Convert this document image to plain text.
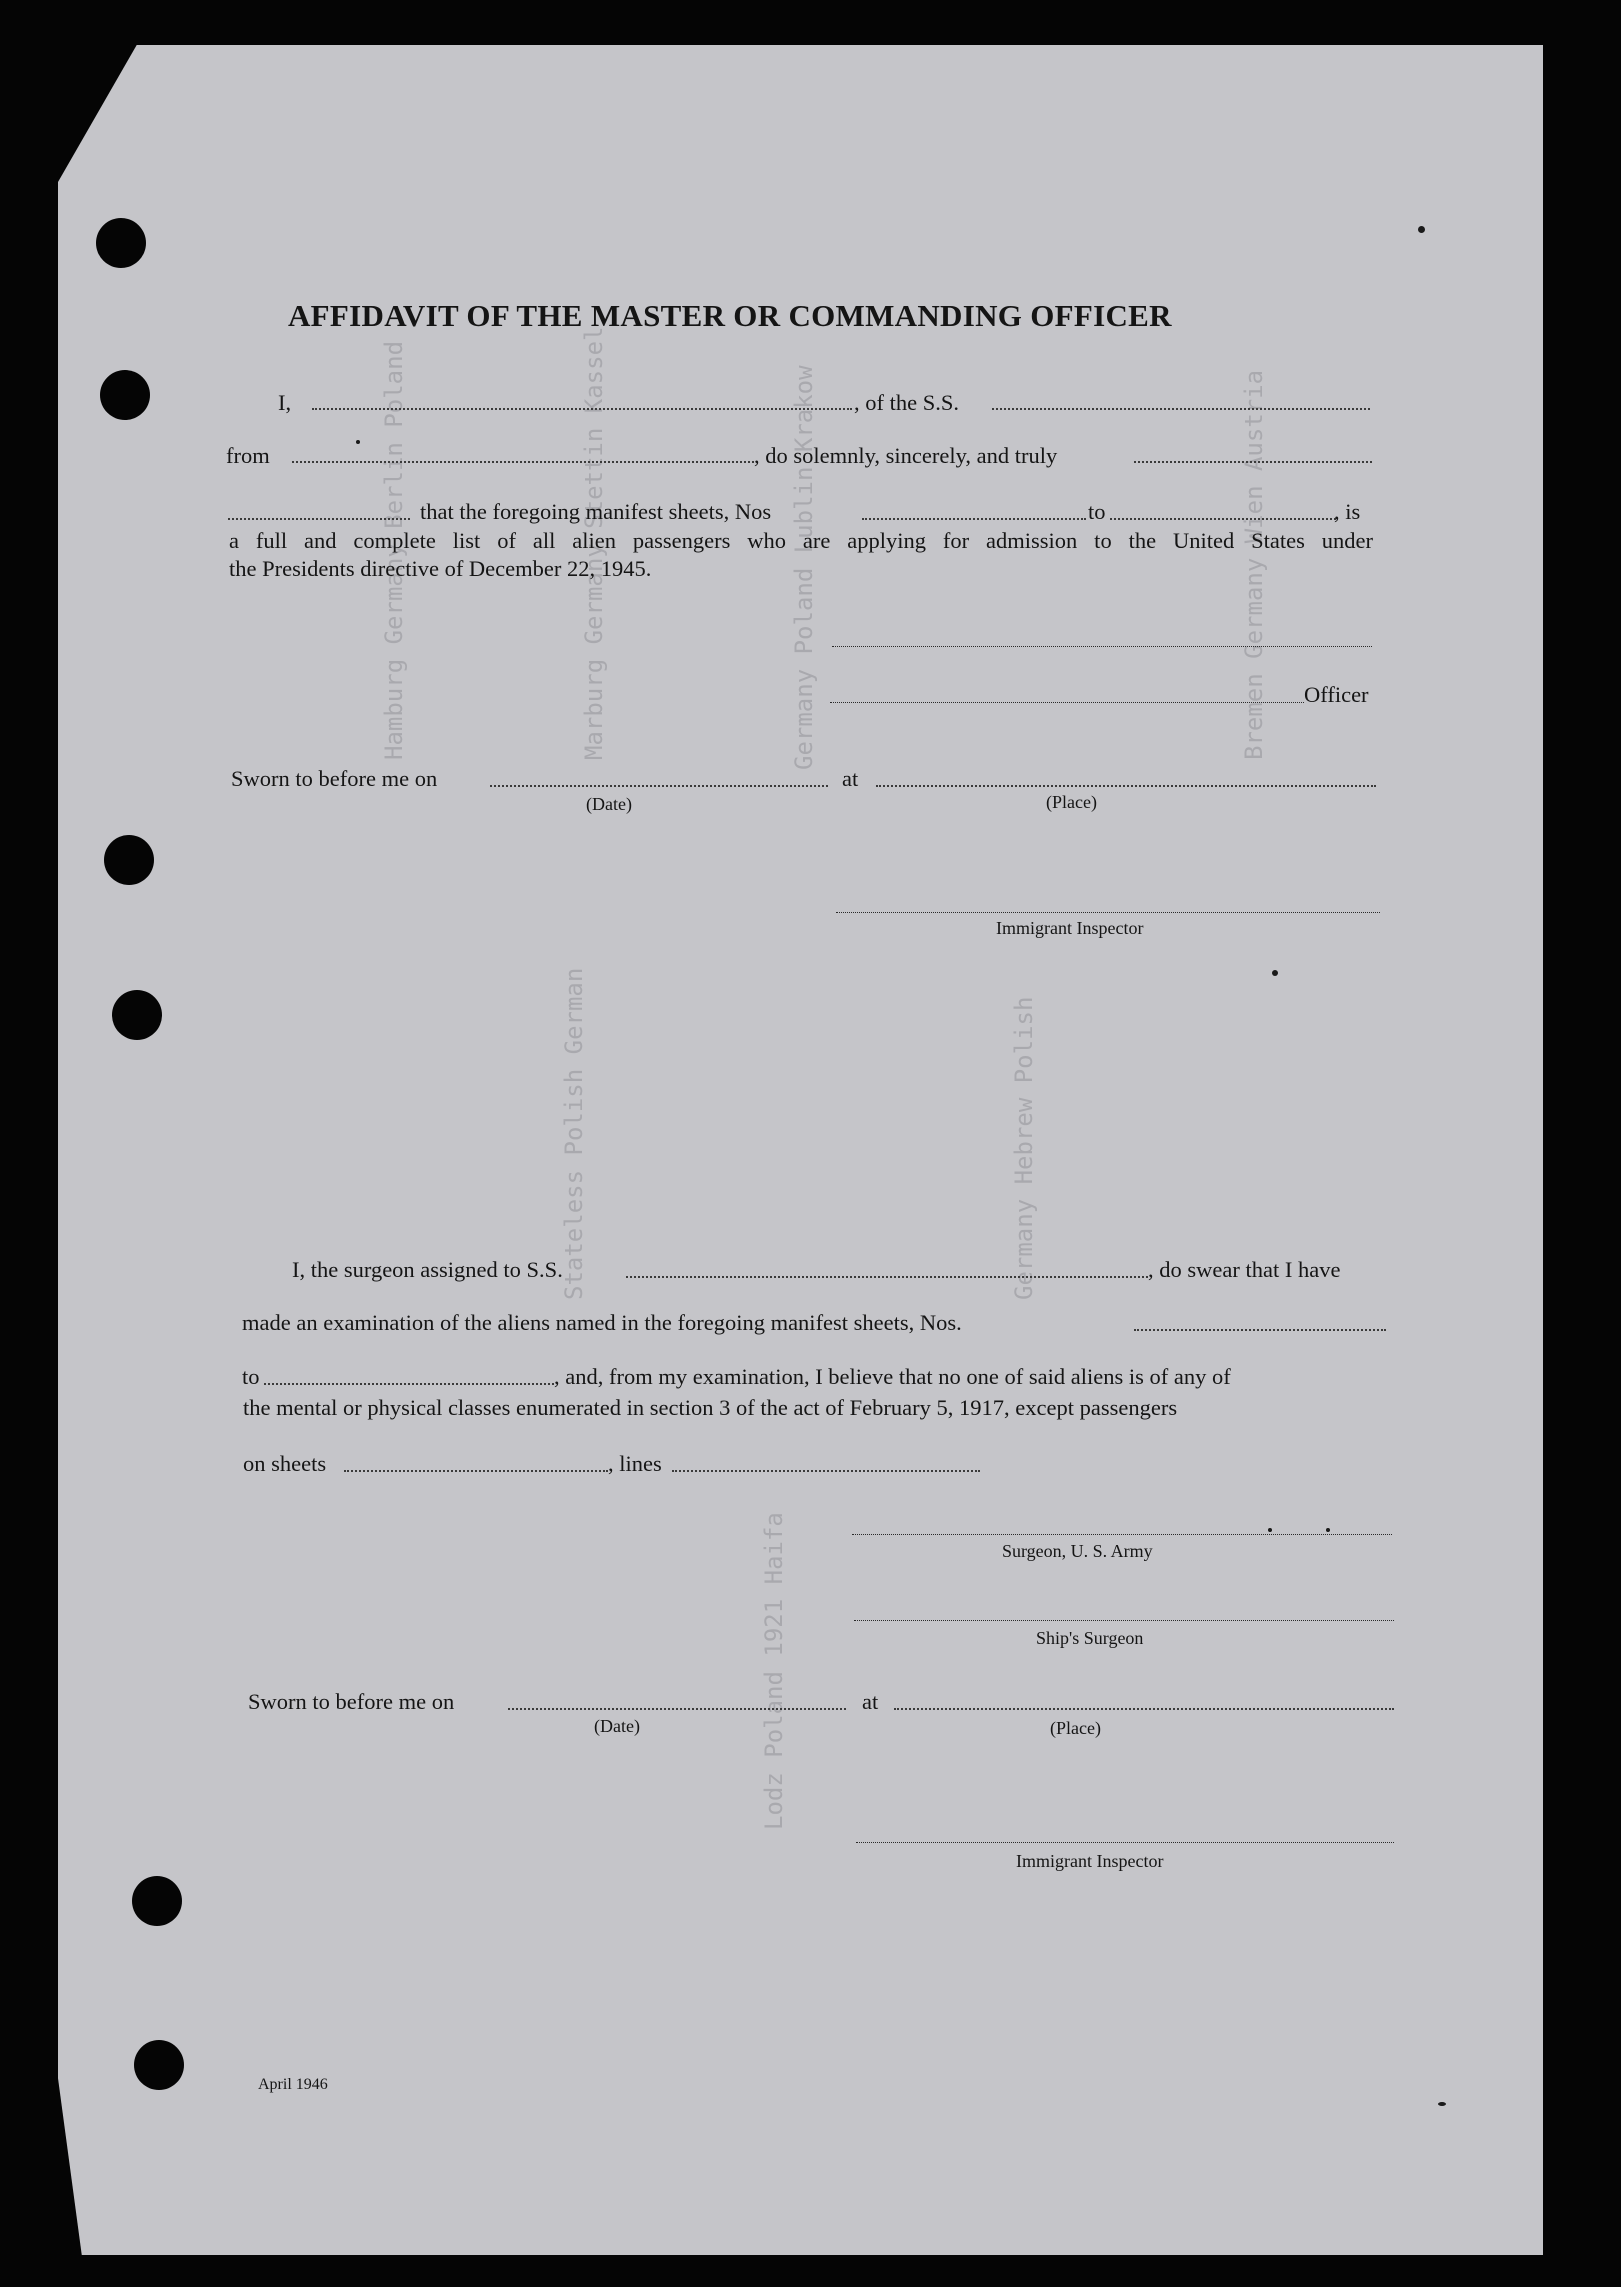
Hamburg Germany Berlin Poland	Marburg Germany Stettin Kassel	Germany Poland Lublin Krakow	Bremen Germany Wien Austria
Stateless Polish German	Germany Hebrew Polish
Lodz Poland 1921 Haifa
AFFIDAVIT OF THE MASTER OR COMMANDING OFFICER
I,	, of the S.S.
from	, do solemnly, sincerely, and truly
that the foregoing manifest sheets, Nos	to	, is
a full and complete list of all alien passengers who are applying for admission to the United States under
the Presidents directive of December 22, 1945.
Officer
Sworn to before me on	at
(Date)	(Place)
Immigrant Inspector
I, the surgeon assigned to S.S.	, do swear that I have
made an examination of the aliens named in the foregoing manifest sheets, Nos.
to	, and, from my examination, I believe that no one of said aliens is of any of
the mental or physical classes enumerated in section 3 of the act of February 5, 1917, except passengers
on sheets	, lines
Surgeon, U. S. Army
Ship's Surgeon
Sworn to before me on	at
(Date)	(Place)
Immigrant Inspector
April 1946
